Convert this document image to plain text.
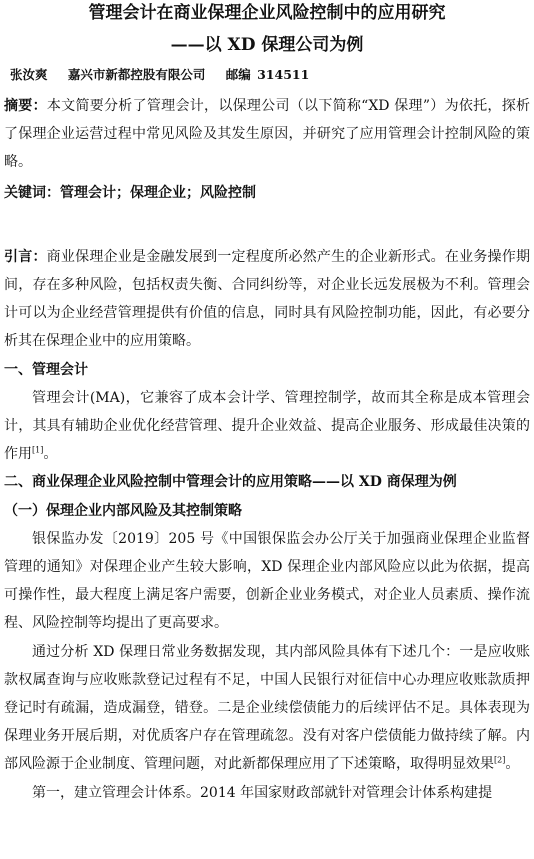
管理会计在商业保理企业风险控制中的应用研究
——以 XD 保理公司为例
张汝爽 嘉兴市新都控股有限公司 邮编 314511

摘要：本文简要分析了管理会计，以保理公司（以下简称“XD 保理”）为依托，探析了保理企业运营过程中常见风险及其发生原因，并研究了应用管理会计控制风险的策略。

关键词：管理会计；保理企业；风险控制

引言：商业保理企业是金融发展到一定程度所必然产生的企业新形式。在业务操作期间，存在多种风险，包括权责失衡、合同纠纷等，对企业长远发展极为不利。管理会计可以为企业经营管理提供有价值的信息，同时具有风险控制功能，因此，有必要分析其在保理企业中的应用策略。

一、管理会计

管理会计(MA)，它兼容了成本会计学、管理控制学，故而其全称是成本管理会计，其具有辅助企业优化经营管理、提升企业效益、提高企业服务、形成最佳决策的作用[1]。

二、商业保理企业风险控制中管理会计的应用策略——以 XD 商保理为例
（一）保理企业内部风险及其控制策略

银保监办发〔2019〕205 号《中国银保监会办公厅关于加强商业保理企业监督管理的通知》对保理企业产生较大影响，XD 保理企业内部风险应以此为依据，提高可操作性，最大程度上满足客户需要，创新企业业务模式，对企业人员素质、操作流程、风险控制等均提出了更高要求。

通过分析 XD 保理日常业务数据发现，其内部风险具体有下述几个：一是应收账款权属查询与应收账款登记过程有不足，中国人民银行对征信中心办理应收账款质押登记时有疏漏，造成漏登，错登。二是企业续偿债能力的后续评估不足。具体表现为保理业务开展后期，对优质客户存在管理疏忽。没有对客户偿债能力做持续了解。内部风险源于企业制度、管理问题，对此新都保理应用了下述策略，取得明显效果[2]。

第一，建立管理会计体系。2014 年国家财政部就针对管理会计体系构建提
